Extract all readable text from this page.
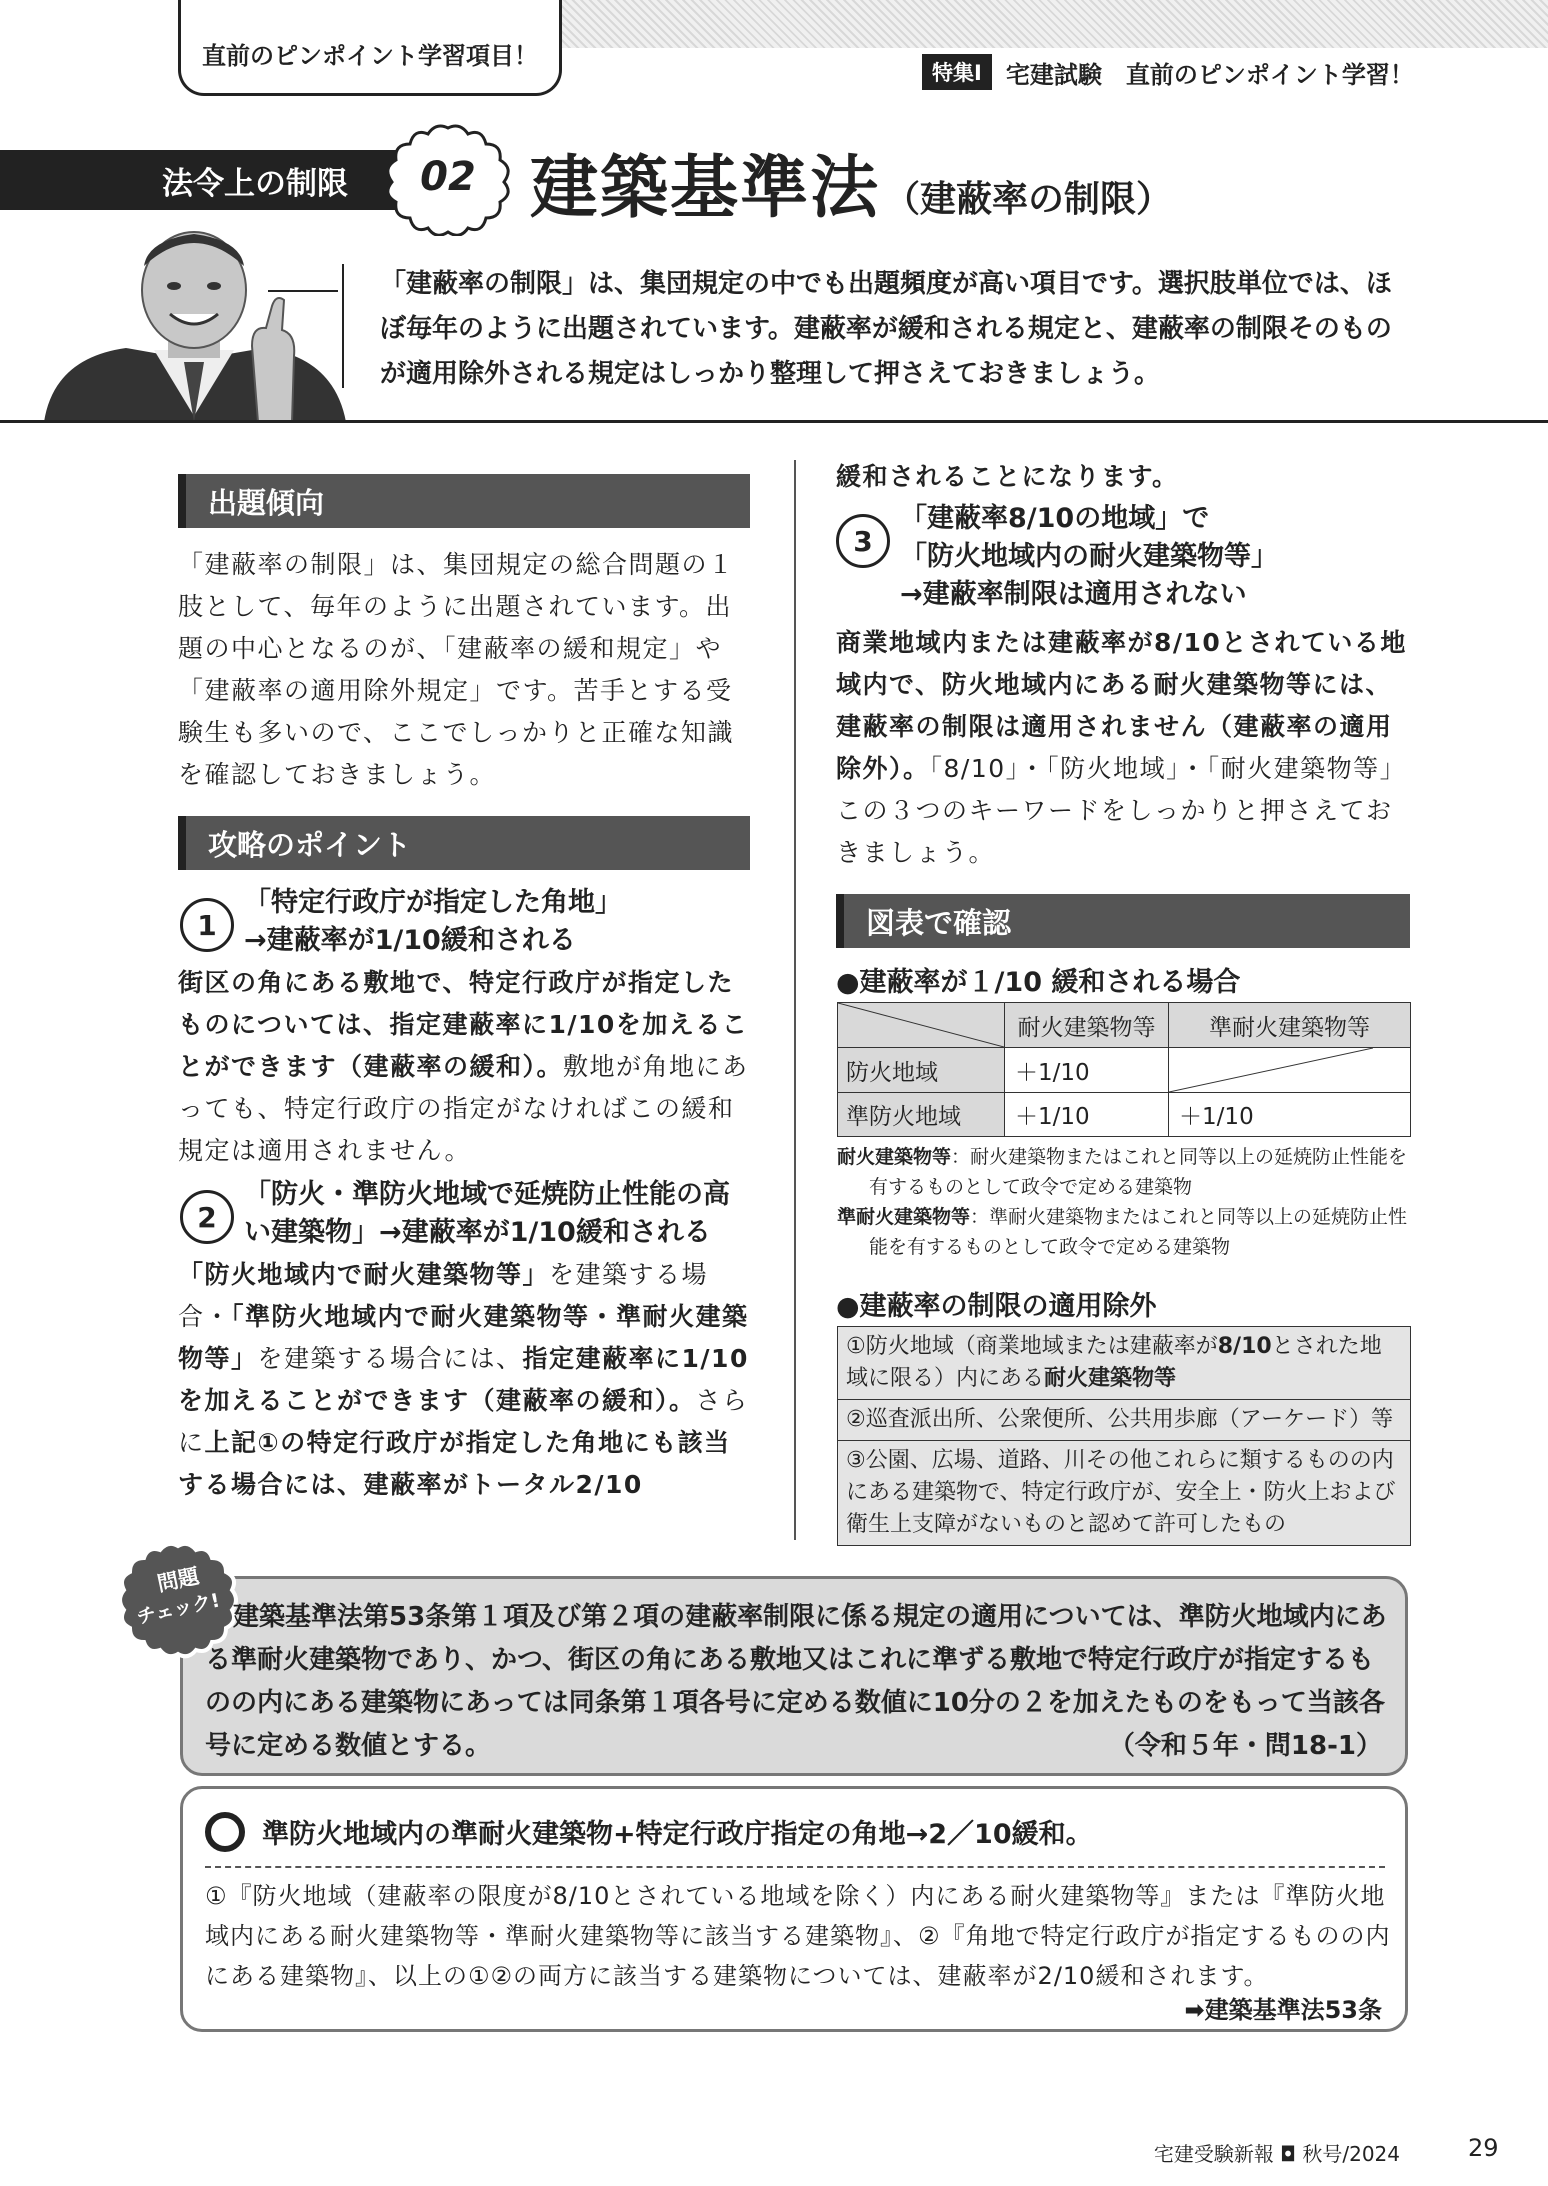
直前のピンポイント学習項目！
特集Ⅰ	宅建試験　直前のピンポイント学習！
法令上の制限	02 建築基準法 （建蔽率の制限）
「建蔽率の制限」は、集団規定の中でも出題頻度が高い項目です。選択肢単位では、ほぼ毎年のように出題されています。建蔽率が緩和される規定と、建蔽率の制限そのものが適用除外される規定はしっかり整理して押さえておきましょう。
出題傾向
「建蔽率の制限」は、集団規定の総合問題の１肢として、毎年のように出題されています。出題の中心となるのが、「建蔽率の緩和規定」や「建蔽率の適用除外規定」です。苦手とする受験生も多いので、ここでしっかりと正確な知識を確認しておきましょう。
攻略のポイント
1
「特定行政庁が指定した角地」
→建蔽率が1/10緩和される
街区の角にある敷地で、特定行政庁が指定したものについては、指定建蔽率に1/10を加えることができます（建蔽率の緩和）。敷地が角地にあっても、特定行政庁の指定がなければこの緩和規定は適用されません。
2
「防火・準防火地域で延焼防止性能の高
い建築物」→建蔽率が1/10緩和される
「防火地域内で耐火建築物等」を建築する場合・「準防火地域内で耐火建築物等・準耐火建築物等」を建築する場合には、指定建蔽率に1/10を加えることができます（建蔽率の緩和）。さらに上記①の特定行政庁が指定した角地にも該当する場合には、建蔽率がトータル2/10
緩和されることになります。
3
「建蔽率8/10の地域」で
「防火地域内の耐火建築物等」
→建蔽率制限は適用されない
商業地域内または建蔽率が8/10とされている地域内で、防火地域内にある耐火建築物等には、建蔽率の制限は適用されません（建蔽率の適用除外）。「8/10」・「防火地域」・「耐火建築物等」この３つのキーワードをしっかりと押さえておきましょう。
図表で確認
●建蔽率が１/10 緩和される場合
	耐火建築物等	準耐火建築物等
防火地域	＋1/10	

準防火地域	＋1/10	＋1/10
耐火建築物等：耐火建築物またはこれと同等以上の延焼防止性能を有するものとして政令で定める建築物
準耐火建築物等：準耐火建築物またはこれと同等以上の延焼防止性能を有するものとして政令で定める建築物
●建蔽率の制限の適用除外
①防火地域（商業地域または建蔽率が8/10とされた地域に限る）内にある耐火建築物等
②巡査派出所、公衆便所、公共用歩廊（アーケード）等
③公園、広場、道路、川その他これらに類するものの内にある建築物で、特定行政庁が、安全上・防火上および衛生上支障がないものと認めて許可したもの
問題
チェック! 建築基準法第53条第１項及び第２項の建蔽率制限に係る規定の適用については、準防火地域内にある準耐火建築物であり、かつ、街区の角にある敷地又はこれに準ずる敷地で特定行政庁が指定するものの内にある建築物にあっては同条第１項各号に定める数値に10分の２を加えたものをもって当該各号に定める数値とする。	（令和５年・問18-1）
準防火地域内の準耐火建築物+特定行政庁指定の角地→2／10緩和。
①『防火地域（建蔽率の限度が8/10とされている地域を除く）内にある耐火建築物等』または『準防火地域内にある耐火建築物等・準耐火建築物等に該当する建築物』、②『角地で特定行政庁が指定するものの内にある建築物』、以上の①②の両方に該当する建築物については、建蔽率が2/10緩和されます。
➡建築基準法53条
宅建受験新報 ◘ 秋号/2024	29
